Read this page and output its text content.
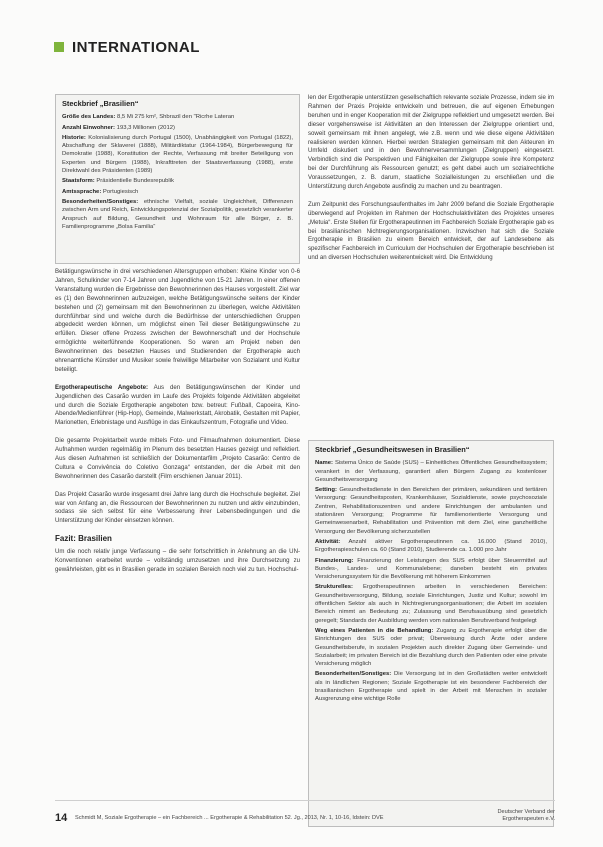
INTERNATIONAL
Steckbrief „Brasilien“
Größe des Landes: 8,5 Mi 275 km², Shbrazil den "Ricrhe Lateran
Anzahl Einwohner: 193,3 Millionen (2012)
Historie: Kolonialisierung durch Portugal (1500), Unabhängigkeit von Portugal (1822), Abschaffung der Sklaverei (1888), Militärdiktatur (1964-1984), Bürgerbewegung für Demokratie (1988), Konstitution der Rechte, Verfassung mit breiter Beteiligung von Experten und Bürgern (1988), Inkrafttreten der Staatsverfassung (1988), erste Direktwahl des Präsidenten (1989)
Staatsform: Präsidentielle Bundesrepublik
Amtssprache: Portugiesisch
Besonderheiten/Sonstiges: ethnische Vielfalt, soziale Ungleichheit, Differenzen zwischen Arm und Reich, Entwicklungspotenzial der Sozialpolitik, gesetzlich verankerter Anspruch auf Bildung, Gesundheit und Wohnraum für alle Bürger, z. B. Familienprogramme „Bolsa Familia“

Betätigungswünsche in drei verschiedenen Altersgruppen erhoben: Kleine Kinder von 0-6 Jahren, Schulkinder von 7-14 Jahren und Jugendliche von 15-21 Jahren. In einer offenen Veranstaltung wurden die Ergebnisse den Bewohnerinnen des Hauses vorgestellt. Ziel war es (1) den Bewohnerinnen aufzuzeigen, welche Betätigungswünsche seitens der Kinder bestehen und (2) gemeinsam mit den Bewohnerinnen zu überlegen, welche Aktivitäten durchführbar sind und welche durch die Bedürfnisse der unterschiedlichen Gruppen abgedeckt werden können, um möglichst einen Teil dieser Betätigungswünsche zu erfüllen. Dieser offene Prozess zwischen der Bewohnerschaft und der Hochschule ermöglichte weiterführende Kooperationen. So waren am Projekt neben den Bewohnerinnen des besetzten Hauses und Studierenden der Ergotherapie auch ehrenamtliche Künstler und Musiker sowie freiwillige Mitarbeiter von Sozialamt und Kultur beteiligt.

Ergotherapeutische Angebote: Aus den Betätigungswünschen der Kinder und Jugendlichen des Casarão wurden im Laufe des Projekts folgende Aktivitäten abgeleitet und durch die Soziale Ergotherapie angeboten bzw. betreut: Fußball, Capoeira, Kino-Abende/Medienführer (Hip-Hop), Gemeinde, Malwerkstatt, Akrobatik, Gestalten mit Papier, Marionetten, Erlebnistage und Ausflüge in das Einkaufszentrum, Fotografie und Video.

Die gesamte Projektarbeit wurde mittels Foto- und Filmaufnahmen dokumentiert. Diese Aufnahmen wurden regelmäßig im Plenum des besetzten Hauses gezeigt und reflektiert. Aus diesen Aufnahmen ist schließlich der Dokumentarfilm „Projeto Casarão: Centro de Cultura e Convivência do Coletivo Gonzaga“ entstanden, der die Arbeit mit den Bewohnerinnen des Casarão darstellt (Film erschienen Januar 2011).

Das Projekt Casarão wurde insgesamt drei Jahre lang durch die Hochschule begleitet. Ziel war von Anfang an, die Ressourcen der Bewohnerinnen zu nutzen und aktiv einzubinden, sodass sie sich selbst für eine Verbesserung ihrer Lebensbedingungen und die Unterstützung der Kinder einsetzen können.

Fazit: Brasilien

Um die noch relativ junge Verfassung – die sehr fortschrittlich in Anlehnung an die UN-Konventionen erarbeitet wurde – vollständig umzusetzen und ihre Durchsetzung zu gewährleisten, gibt es in Brasilien gerade im sozialen Bereich noch viel zu tun. Hochschul-

len der Ergotherapie unterstützen gesellschaftlich relevante soziale Prozesse, indem sie im Rahmen der Praxis Projekte entwickeln und betreuen, die auf eigenen Erhebungen beruhen und in enger Kooperation mit der Zielgruppe reflektiert und umgesetzt werden. Bei dieser vorgehensweise ist Aktivitäten an den Interessen der Zielgruppe orientiert und, soweit gemeinsam mit ihnen angelegt, wie z.B. wenn und wie diese eigene Aktivitäten realisieren werden können. Hierbei werden Strategien gemeinsam mit den Akteuren im Umfeld diskutiert und in den Bewohnerversammlungen (Zielgruppen) eingesetzt. Verbindlich sind die Perspektiven und Fähigkeiten der Zielgruppe sowie ihre Kompetenz bei der Durchführung als Ressourcen genutzt; es geht dabei auch um sozialrechtliche Voraussetzungen, z. B. darum, staatliche Sozialleistungen zu erschließen und die Unterstützung durch Angebote ausfindig zu machen und zu beantragen.

Zum Zeitpunkt des Forschungsaufenthaltes im Jahr 2009 befand die Soziale Ergotherapie überwiegend auf Projekten im Rahmen der Hochschulaktivitäten des Projektes unseres „Metuia“. Erste Stellen für Ergotherapeutinnen im Fachbereich Soziale Ergotherapie gab es bei brasilianischen Nichtregierungsorganisationen. Inzwischen hat sich die Soziale Ergotherapie in Brasilien zu einem Bereich entwickelt, der auf Landesebene als spezifischer Fachbereich im Curriculum der Hochschulen der Ergotherapie beschrieben ist und an diversen Hochschulen weiterentwickelt wird. Die Entwicklung

Steckbrief „Gesundheitswesen in Brasilien“
Name: Sistema Único de Saúde (SUS) – Einheitliches Öffentliches Gesundheitssystem; verankert in der Verfassung, garantiert allen Bürgern Zugang zu kostenloser Gesundheitsversorgung
Setting: Gesundheitsdienste in den Bereichen der primären, sekundären und tertiären Versorgung: Gesundheitsposten, Krankenhäuser, Sozialdienste, sowie psychosoziale Zentren, Rehabilitationszentren und andere Einrichtungen der ambulanten und stationären Versorgung; Programme für familienorientierte Versorgung und Gemeinwesenarbeit, Rehabilitation und Prävention mit dem Ziel, eine ganzheitliche Versorgung der Bevölkerung sicherzustellen
Aktivität: Anzahl aktiver Ergotherapeutinnen ca. 16.000 (Stand 2010), Ergotherapieschulen ca. 60 (Stand 2010), Studierende ca. 1.000 pro Jahr
Finanzierung: Finanzierung der Leistungen des SUS erfolgt über Steuermittel auf Bundes-, Landes- und Kommunalebene; daneben besteht ein privates Versicherungssystem für die Bevölkerung mit höherem Einkommen
Strukturelles: Ergotherapeutinnen arbeiten in verschiedenen Bereichen: Gesundheitsversorgung, Bildung, soziale Einrichtungen, Justiz und Kultur; sowohl im öffentlichen Sektor als auch in Nichtregierungsorganisationen; die Arbeit im sozialen Bereich nimmt an Bedeutung zu; Zulassung und Berufsausübung sind gesetzlich geregelt; Standards der Ausbildung werden vom nationalen Berufsverband festgelegt
Weg eines Patienten in die Behandlung: Zugang zu Ergotherapie erfolgt über die Einrichtungen des SUS oder privat; Überweisung durch Ärzte oder andere Gesundheitsberufe, in sozialen Projekten auch direkter Zugang über Gemeinde- und Sozialarbeit; im privaten Bereich ist die Bezahlung durch den Patienten oder eine private Versicherung möglich
Besonderheiten/Sonstiges: Die Versorgung ist in den Großstädten weiter entwickelt als in ländlichen Regionen; Soziale Ergotherapie ist ein besonderer Fachbereich der brasilianischen Ergotherapie und spielt in der Arbeit mit Menschen in sozialer Ausgrenzung eine wichtige Rolle
14 Schmidt M, Soziale Ergotherapie – ein Fachbereich ... Ergotherapie & Rehabilitation 52. Jg., 2013, Nr. 1, 10-16, Idstein: DVE
Deutscher Verband der
Ergotherapeuten e.V.
